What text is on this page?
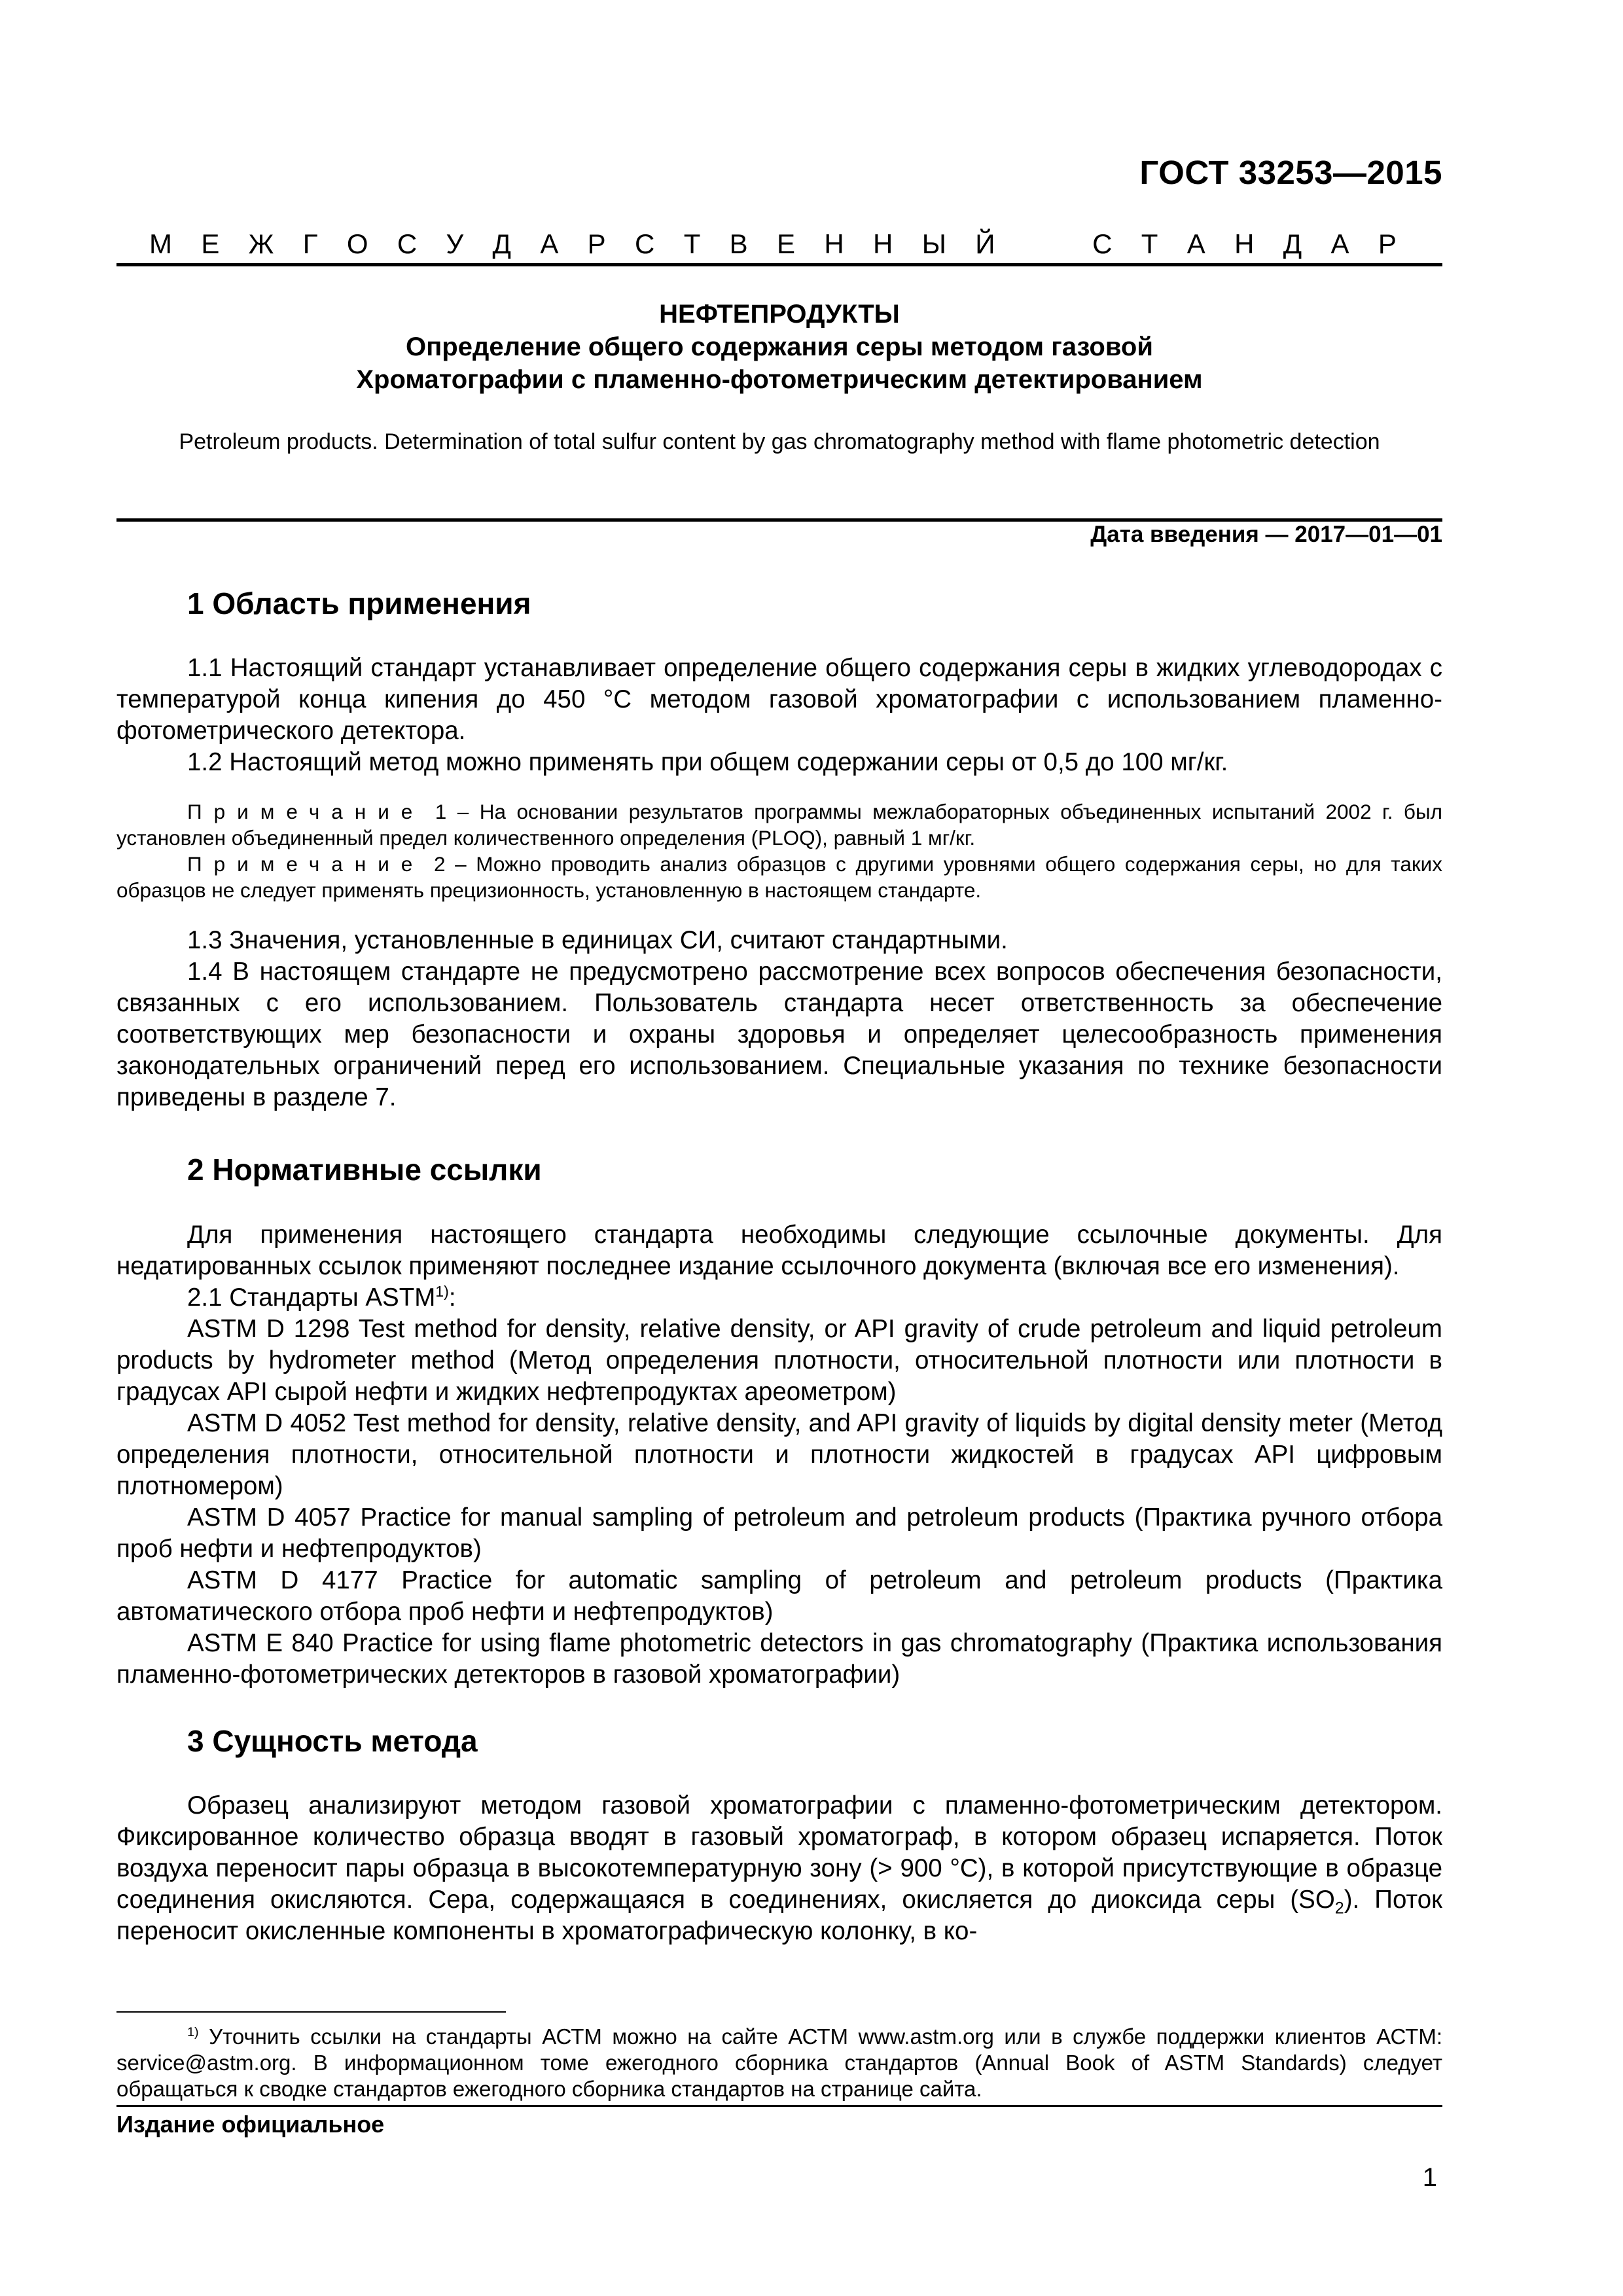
ГОСТ 33253—2015
М Е Ж Г О С У Д А Р С Т В Е Н Н Ы Й	С Т А Н Д А Р
НЕФТЕПРОДУКТЫ
Определение общего содержания серы методом газовой
Хроматографии с пламенно-фотометрическим детектированием
Petroleum products. Determination of total sulfur content by gas chromatography method with flame photometric detection
Дата введения — 2017—01—01
1 Область применения

1.1 Настоящий стандарт устанавливает определение общего содержания серы в жидких углеводородах с температурой конца кипения до 450 °С методом газовой хроматографии с использованием пламенно-фотометрического детектора.

1.2 Настоящий метод можно применять при общем содержании серы от 0,5 до 100 мг/кг.

Примечание 1 – На основании результатов программы межлабораторных объединенных испытаний 2002 г. был установлен объединенный предел количественного определения (PLOQ), равный 1 мг/кг.

Примечание 2 – Можно проводить анализ образцов с другими уровнями общего содержания серы, но для таких образцов не следует применять прецизионность, установленную в настоящем стандарте.

1.3 Значения, установленные в единицах СИ, считают стандартными.

1.4 В настоящем стандарте не предусмотрено рассмотрение всех вопросов обеспечения безопасности, связанных с его использованием. Пользователь стандарта несет ответственность за обеспечение соответствующих мер безопасности и охраны здоровья и определяет целесообразность применения законодательных ограничений перед его использованием. Специальные указания по технике безопасности приведены в разделе 7.

2 Нормативные ссылки

Для применения настоящего стандарта необходимы следующие ссылочные документы. Для недатированных ссылок применяют последнее издание ссылочного документа (включая все его изменения).

2.1 Стандарты ASTM$^{1)}$:

ASTM D 1298 Test method for density, relative density, or API gravity of crude petroleum and liquid petroleum products by hydrometer method (Метод определения плотности, относительной плотности или плотности в градусах API сырой нефти и жидких нефтепродуктах ареометром)

ASTM D 4052 Test method for density, relative density, and API gravity of liquids by digital density meter (Метод определения плотности, относительной плотности и плотности жидкостей в градусах API цифровым плотномером)

ASTM D 4057 Practice for manual sampling of petroleum and petroleum products (Практика ручного отбора проб нефти и нефтепродуктов)

ASTM D 4177 Practice for automatic sampling of petroleum and petroleum products (Практика автоматического отбора проб нефти и нефтепродуктов)

ASTM E 840 Practice for using flame photometric detectors in gas chromatography (Практика использования пламенно-фотометрических детекторов в газовой хроматографии)

3 Сущность метода

Образец анализируют методом газовой хроматографии с пламенно-фотометрическим детектором. Фиксированное количество образца вводят в газовый хроматограф, в котором образец испаряется. Поток воздуха переносит пары образца в высокотемпературную зону (> 900 °С), в которой присутствующие в образце соединения окисляются. Сера, содержащаяся в соединениях, окисляется до диоксида серы $(SO_2)$. Поток переносит окисленные компоненты в хроматографическую колонку, в ко-

$^{1)}$ Уточнить ссылки на стандарты АСТМ можно на сайте АСТМ www.astm.org или в службе поддержки клиентов АСТМ: service@astm.org. В информационном томе ежегодного сборника стандартов (Annual Book of ASTM Standards) следует обращаться к сводке стандартов ежегодного сборника стандартов на странице сайта.

Издание официальное
1
